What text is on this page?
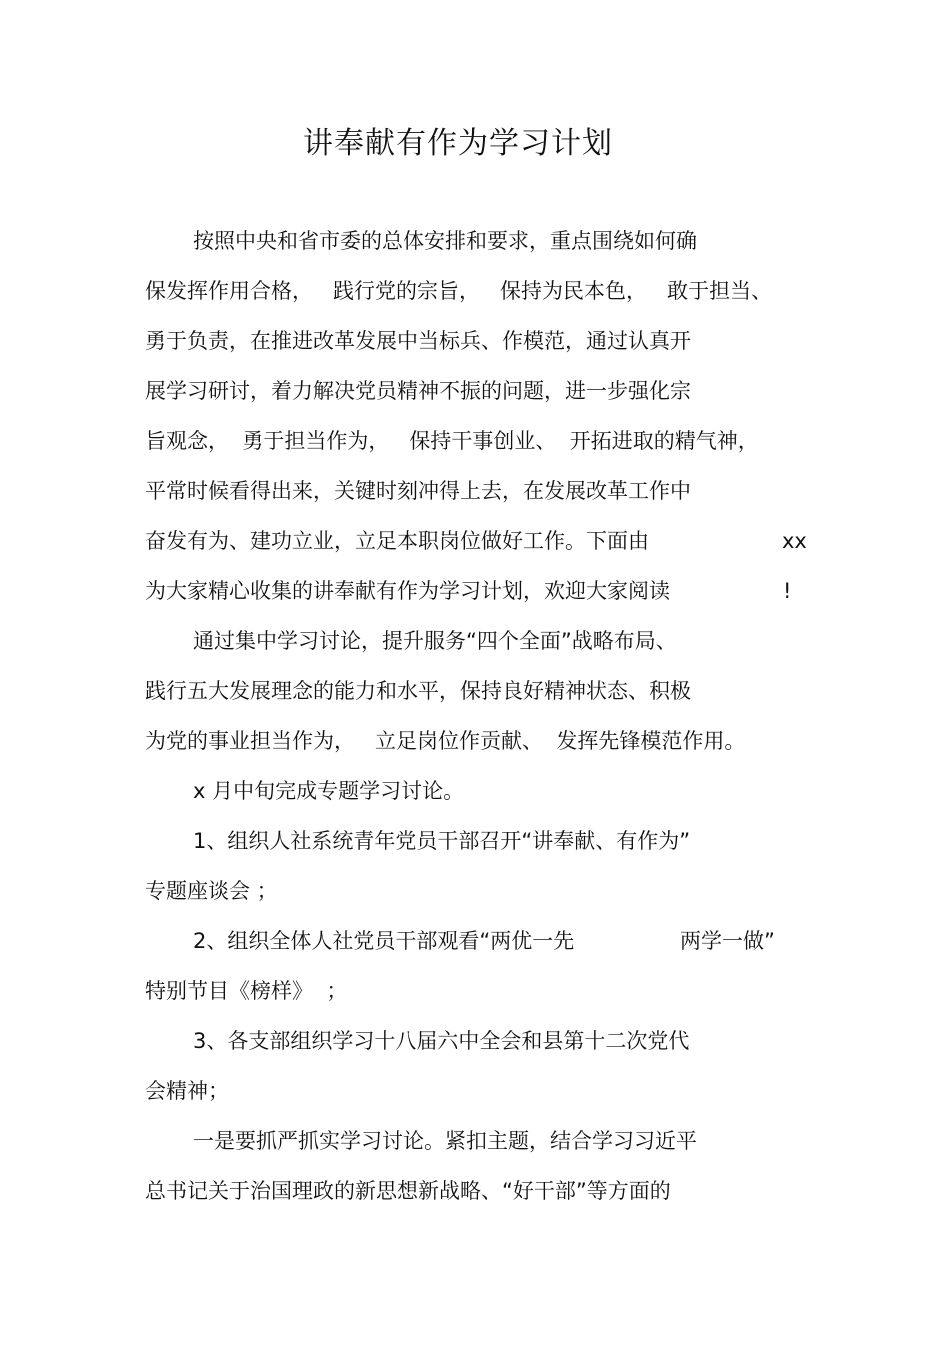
讲奉献有作为学习计划
按照中央和省市委的总体安排和要求，重点围绕如何确
保发挥作用合格，   践行党的宗旨，   保持为民本色，   敢于担当、
勇于负责，在推进改革发展中当标兵、作模范，通过认真开
展学习研讨，着力解决党员精神不振的问题，进一步强化宗
旨观念，  勇于担当作为，   保持干事创业、  开拓进取的精气神，
平常时候看得出来，关键时刻冲得上去，在发展改革工作中
奋发有为、建功立业，立足本职岗位做好工作。下面由	xx
为大家精心收集的讲奉献有作为学习计划，欢迎大家阅读	!
通过集中学习讨论，提升服务“四个全面”战略布局、
践行五大发展理念的能力和水平，保持良好精神状态、积极
为党的事业担当作为，   立足岗位作贡献、  发挥先锋模范作用。
x 月中旬完成专题学习讨论。
1、组织人社系统青年党员干部召开“讲奉献、有作为”
专题座谈会 ；
2、组织全体人社党员干部观看“两优一先	两学一做”
特别节目《榜样》  ；
3、各支部组织学习十八届六中全会和县第十二次党代
会精神；
一是要抓严抓实学习讨论。紧扣主题，结合学习习近平
总书记关于治国理政的新思想新战略、“好干部”等方面的
